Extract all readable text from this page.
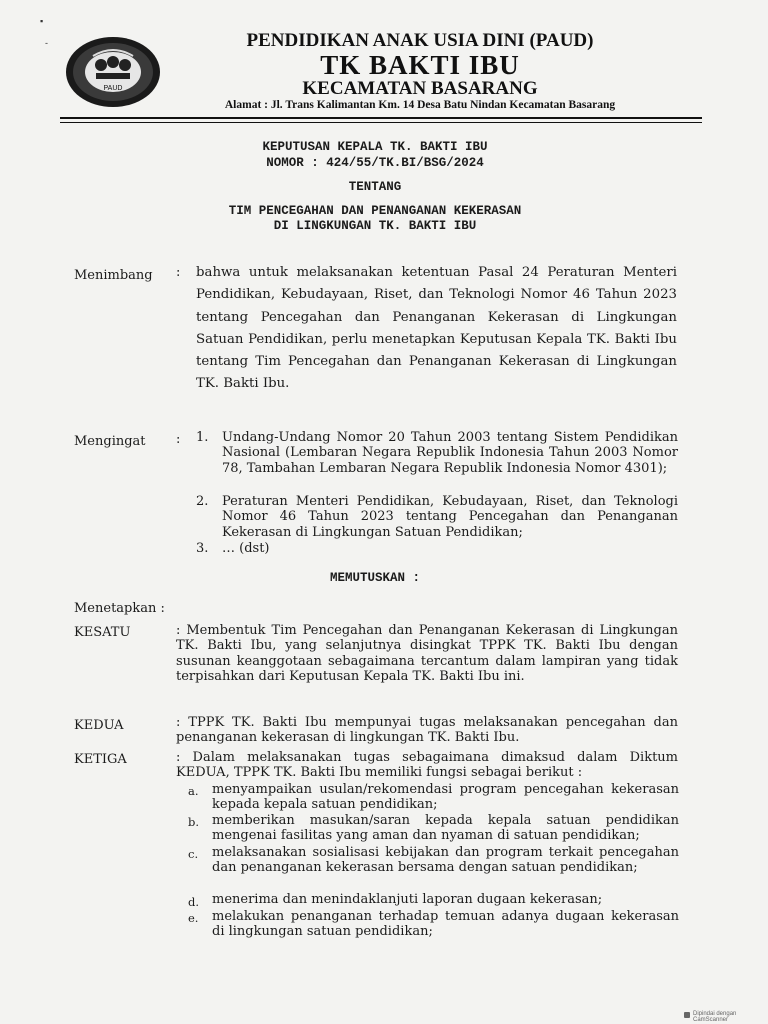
▪
-
PAUD
PENDIDIKAN ANAK USIA DINI (PAUD)
TK BAKTI IBU
KECAMATAN BASARANG
Alamat : Jl. Trans Kalimantan Km. 14 Desa Batu Nindan Kecamatan Basarang
KEPUTUSAN KEPALA TK. BAKTI IBU
NOMOR : 424/55/TK.BI/BSG/2024
TENTANG
TIM PENCEGAHAN DAN PENANGANAN KEKERASAN
DI LINGKUNGAN TK. BAKTI IBU
Menimbang : bahwa untuk melaksanakan ketentuan Pasal 24 Peraturan Menteri Pendidikan, Kebudayaan, Riset, dan Teknologi Nomor 46 Tahun 2023 tentang Pencegahan dan Penanganan Kekerasan di Lingkungan Satuan Pendidikan, perlu menetapkan Keputusan Kepala TK. Bakti Ibu tentang Tim Pencegahan dan Penanganan Kekerasan di Lingkungan TK. Bakti Ibu.
Mengingat : 1. Undang-Undang Nomor 20 Tahun 2003 tentang Sistem Pendidikan Nasional (Lembaran Negara Republik Indonesia Tahun 2003 Nomor 78, Tambahan Lembaran Negara Republik Indonesia Nomor 4301);
2. Peraturan Menteri Pendidikan, Kebudayaan, Riset, dan Teknologi Nomor 46 Tahun 2023 tentang Pencegahan dan Penanganan Kekerasan di Lingkungan Satuan Pendidikan;
3. … (dst)
MEMUTUSKAN :
Menetapkan :
KESATU	: Membentuk Tim Pencegahan dan Penanganan Kekerasan di Lingkungan TK. Bakti Ibu, yang selanjutnya disingkat TPPK TK. Bakti Ibu dengan susunan keanggotaan sebagaimana tercantum dalam lampiran yang tidak terpisahkan dari Keputusan Kepala TK. Bakti Ibu ini.
KEDUA	: TPPK TK. Bakti Ibu mempunyai tugas melaksanakan pencegahan dan penanganan kekerasan di lingkungan TK. Bakti Ibu.
KETIGA	: Dalam melaksanakan tugas sebagaimana dimaksud dalam Diktum KEDUA, TPPK TK. Bakti Ibu memiliki fungsi sebagai berikut :
a. menyampaikan usulan/rekomendasi program pencegahan kekerasan kepada kepala satuan pendidikan;
b. memberikan masukan/saran kepada kepala satuan pendidikan mengenai fasilitas yang aman dan nyaman di satuan pendidikan;
c. melaksanakan sosialisasi kebijakan dan program terkait pencegahan dan penanganan kekerasan bersama dengan satuan pendidikan;
d. menerima dan menindaklanjuti laporan dugaan kekerasan;
e. melakukan penanganan terhadap temuan adanya dugaan kekerasan di lingkungan satuan pendidikan;
Dipindai dengan CamScanner
